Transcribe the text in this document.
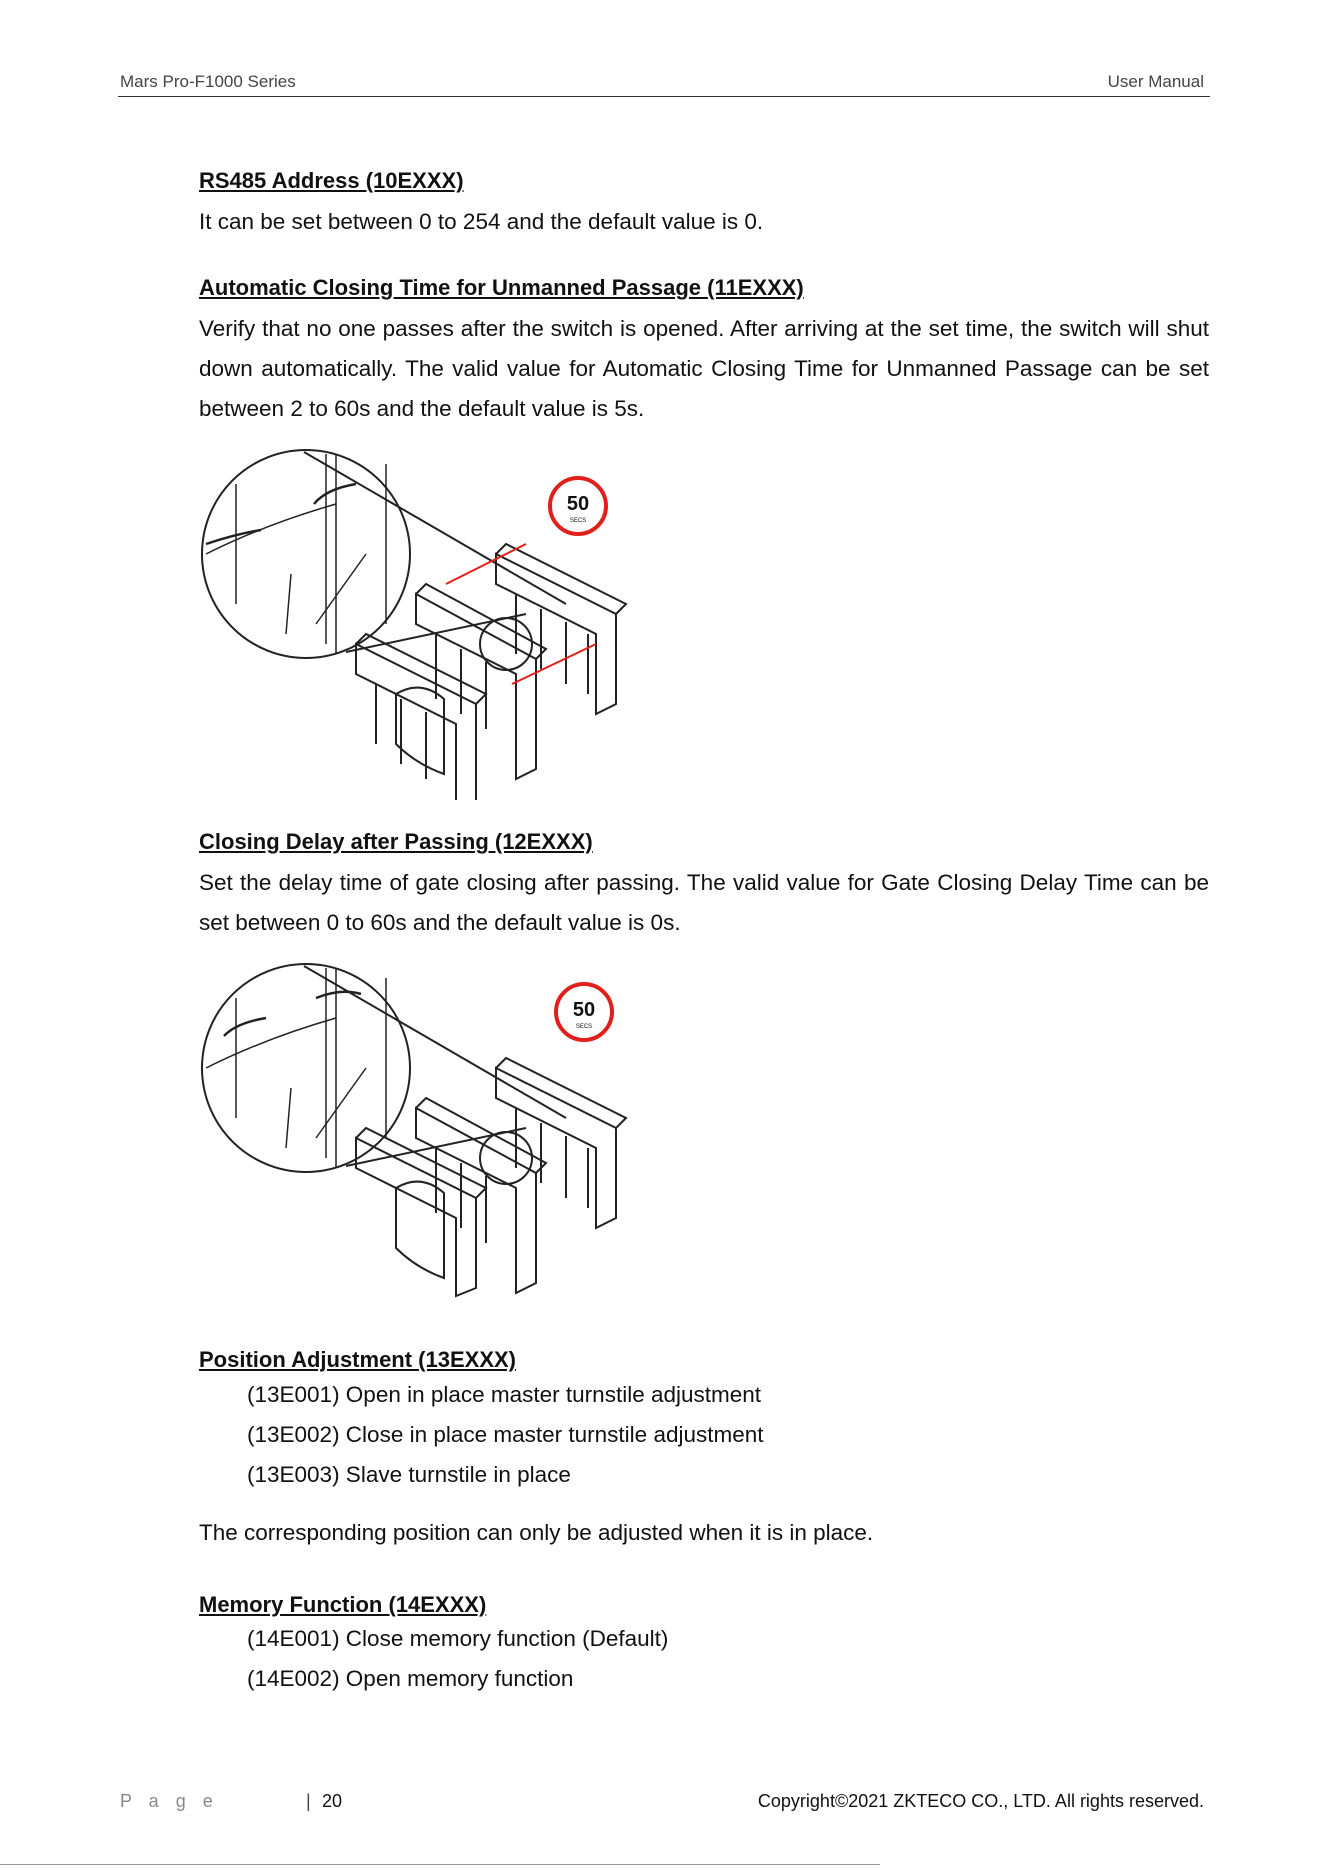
Mars Pro-F1000 Series	User Manual
RS485 Address (10EXXX)
It can be set between 0 to 254 and the default value is 0.
Automatic Closing Time for Unmanned Passage (11EXXX)
Verify that no one passes after the switch is opened. After arriving at the set time, the switch will shut down automatically. The valid value for Automatic Closing Time for Unmanned Passage can be set between 2 to 60s and the default value is 5s.
Closing Delay after Passing (12EXXX)
Set the delay time of gate closing after passing. The valid value for Gate Closing Delay Time can be set between 0 to 60s and the default value is 0s.
Position Adjustment (13EXXX)
(13E001) Open in place master turnstile adjustment
(13E002) Close in place master turnstile adjustment
(13E003) Slave turnstile in place
The corresponding position can only be adjusted when it is in place.
Memory Function (14EXXX)
(14E001) Close memory function (Default)
(14E002) Open memory function
50
SECS
50
SECS
P a g e	| 20	Copyright©2021 ZKTECO CO., LTD. All rights reserved.
